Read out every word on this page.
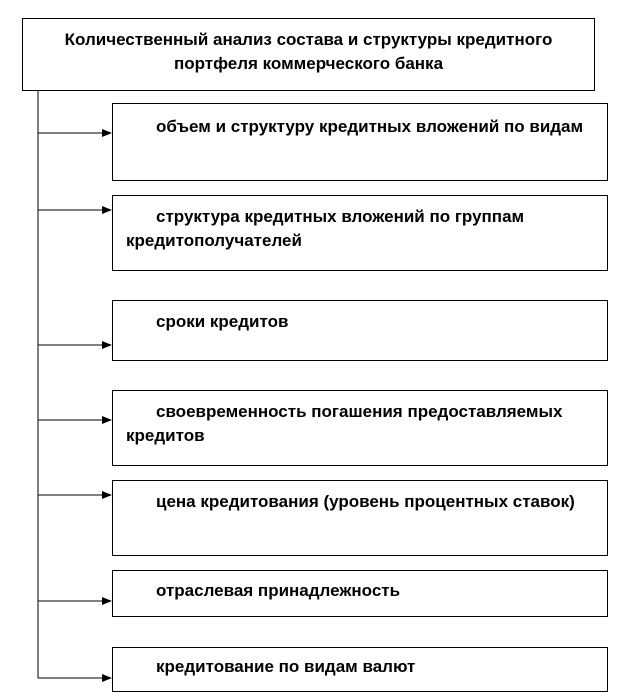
Количественный анализ состава и структуры кредитного портфеля коммерческого банка
объем и структуру кредитных вложений по видам
структура кредитных вложений по группам кредитополучателей
сроки кредитов
своевременность погашения предоставляемых кредитов
цена кредитования (уровень процентных ставок)
отраслевая принадлежность
кредитование по видам валют
